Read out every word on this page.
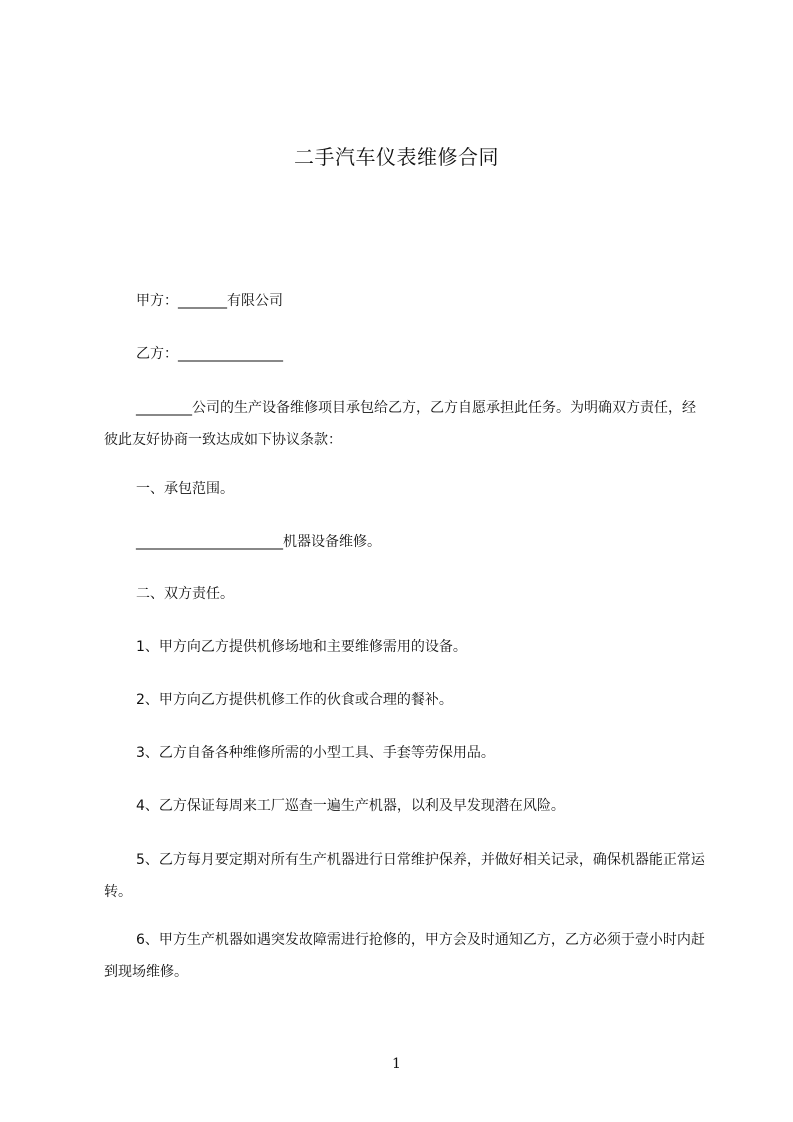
二手汽车仪表维修合同
甲方：_______有限公司
乙方：_______________
________公司的生产设备维修项目承包给乙方，乙方自愿承担此任务。为明确双方责任，经彼此友好协商一致达成如下协议条款：
一、承包范围。
_____________________机器设备维修。
二、双方责任。
1、甲方向乙方提供机修场地和主要维修需用的设备。
2、甲方向乙方提供机修工作的伙食或合理的餐补。
3、乙方自备各种维修所需的小型工具、手套等劳保用品。
4、乙方保证每周来工厂巡查一遍生产机器，以利及早发现潜在风险。
5、乙方每月要定期对所有生产机器进行日常维护保养，并做好相关记录，确保机器能正常运转。
6、甲方生产机器如遇突发故障需进行抢修的，甲方会及时通知乙方，乙方必须于壹小时内赶到现场维修。
1
